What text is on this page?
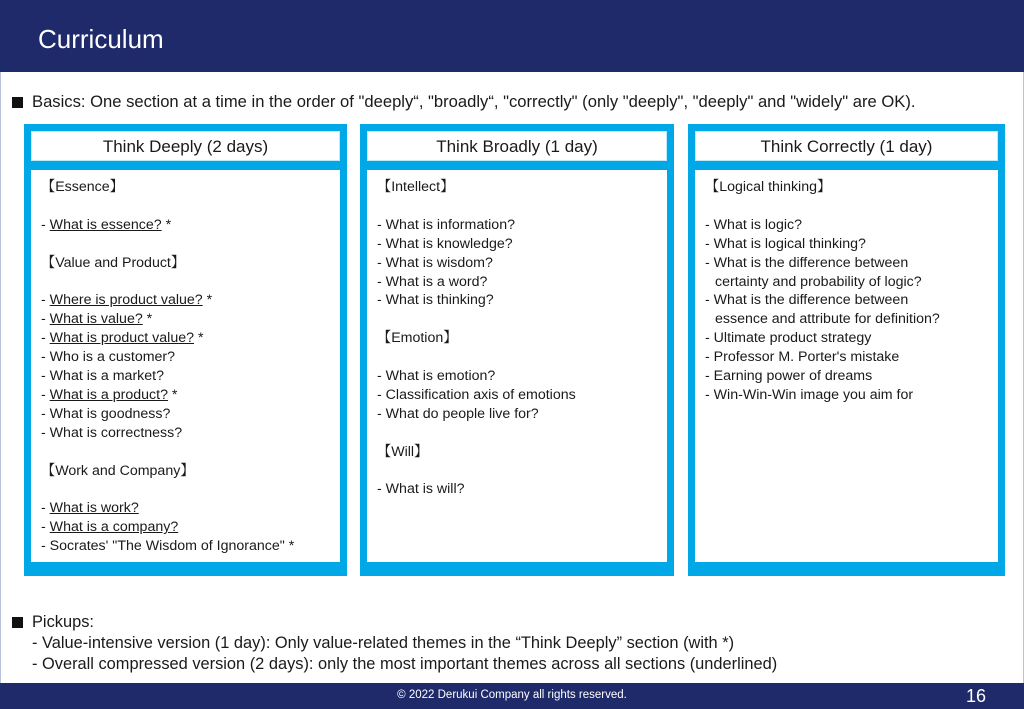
Curriculum
Basics: One section at a time in the order of "deeply“, "broadly“, "correctly" (only "deeply", "deeply" and "widely" are OK).
Think Deeply (2 days)
【Essence】
- What is essence? *
【Value and Product】
- Where is product value? *
- What is value? *
- What is product value? *
- Who is a customer?
- What is a market?
- What is a product? *
- What is goodness?
- What is correctness?
【Work and Company】
- What is work?
- What is a company?
- Socrates' "The Wisdom of Ignorance" *
Think Broadly (1 day)
【Intellect】
- What is information?
- What is knowledge?
- What is wisdom?
- What is a word?
- What is thinking?
【Emotion】
- What is emotion?
- Classification axis of emotions
- What do people live for?
【Will】
- What is will?
Think Correctly (1 day)
【Logical thinking】
- What is logic?
- What is logical thinking?
- What is the difference between
certainty and probability of logic?
- What is the difference between
essence and attribute for definition?
- Ultimate product strategy
- Professor M. Porter's mistake
- Earning power of dreams
- Win-Win-Win image you aim for
Pickups:
- Value-intensive version (1 day): Only value-related themes in the “Think Deeply” section (with *)
- Overall compressed version (2 days): only the most important themes across all sections (underlined)
© 2022 Derukui Company all rights reserved.	16
